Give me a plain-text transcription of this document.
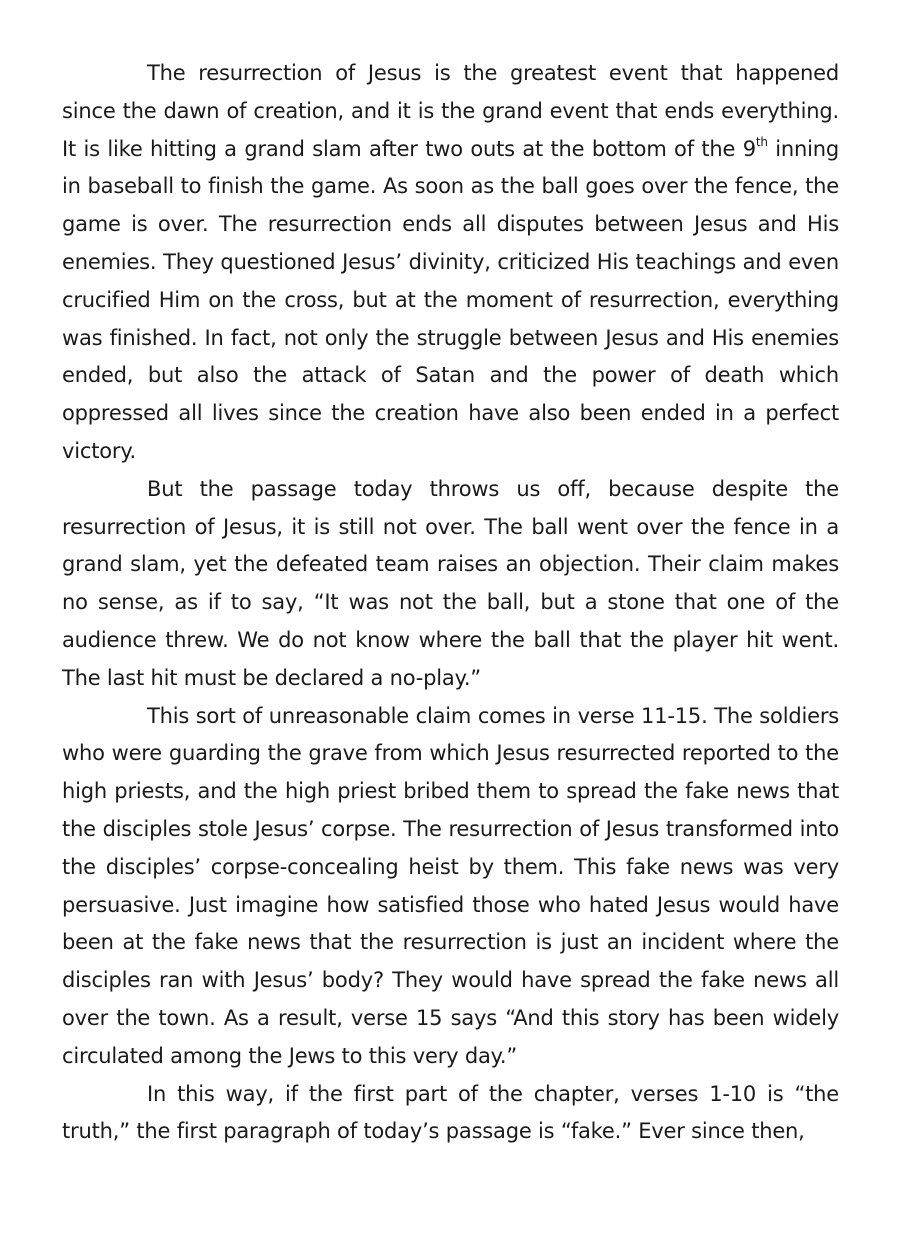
The resurrection of Jesus is the greatest event that happened since the dawn of creation, and it is the grand event that ends everything. It is like hitting a grand slam after two outs at the bottom of the 9th inning in baseball to finish the game. As soon as the ball goes over the fence, the game is over. The resurrection ends all disputes between Jesus and His enemies. They questioned Jesus’ divinity, criticized His teachings and even crucified Him on the cross, but at the moment of resurrection, everything was finished. In fact, not only the struggle between Jesus and His enemies ended, but also the attack of Satan and the power of death which oppressed all lives since the creation have also been ended in a perfect victory.

But the passage today throws us off, because despite the resurrection of Jesus, it is still not over. The ball went over the fence in a grand slam, yet the defeated team raises an objection. Their claim makes no sense, as if to say, “It was not the ball, but a stone that one of the audience threw. We do not know where the ball that the player hit went. The last hit must be declared a no-play.”

This sort of unreasonable claim comes in verse 11-15. The soldiers who were guarding the grave from which Jesus resurrected reported to the high priests, and the high priest bribed them to spread the fake news that the disciples stole Jesus’ corpse. The resurrection of Jesus transformed into the disciples’ corpse-concealing heist by them. This fake news was very persuasive. Just imagine how satisfied those who hated Jesus would have been at the fake news that the resurrection is just an incident where the disciples ran with Jesus’ body? They would have spread the fake news all over the town. As a result, verse 15 says “And this story has been widely circulated among the Jews to this very day.”

In this way, if the first part of the chapter, verses 1-10 is “the truth,” the first paragraph of today’s passage is “fake.” Ever since then,
